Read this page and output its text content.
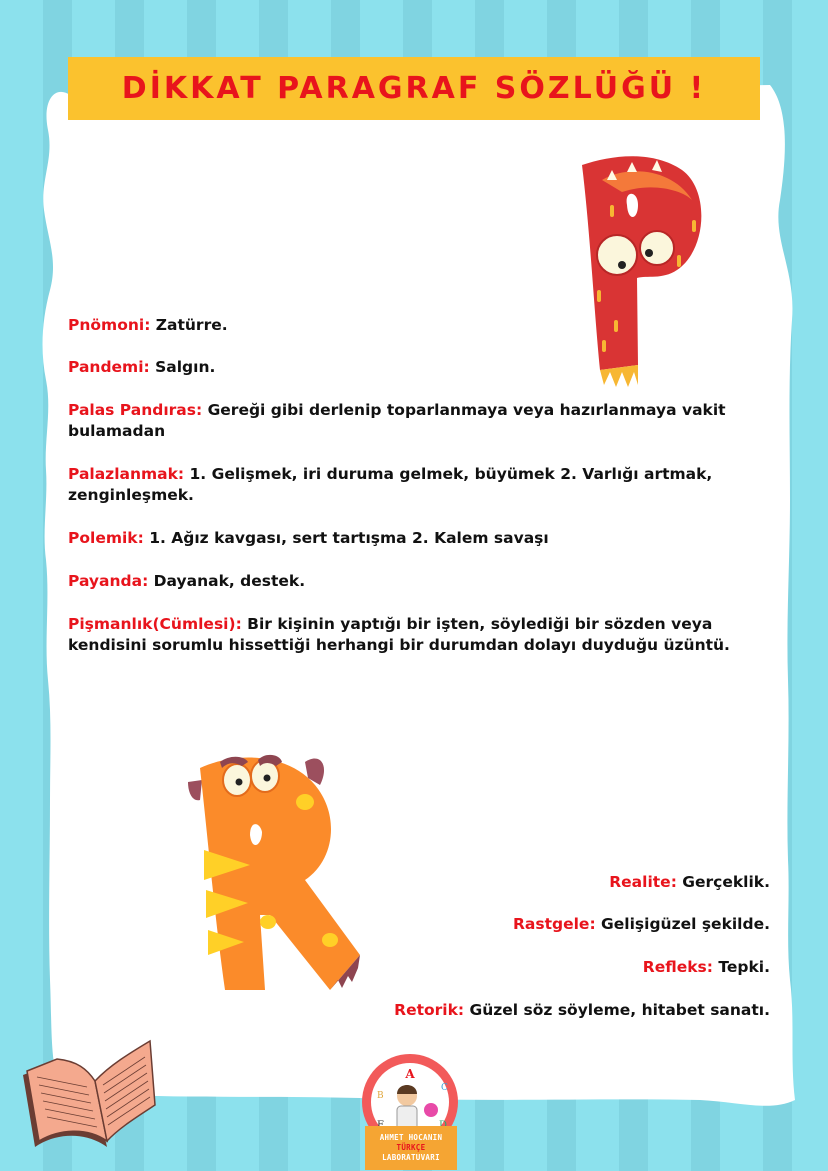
DİKKAT PARAGRAF SÖZLÜĞÜ !
Pnömoni: Zatürre.
Pandemi: Salgın.
Palas Pandıras: Gereği gibi derlenip toparlanmaya veya hazırlanmaya vakit bulamadan
Palazlanmak: 1. Gelişmek, iri duruma gelmek, büyümek 2. Varlığı artmak, zenginleşmek.
Polemik: 1. Ağız kavgası, sert tartışma 2. Kalem savaşı
Payanda: Dayanak, destek.
Pişmanlık(Cümlesi): Bir kişinin yaptığı bir işten, söylediği bir sözden veya kendisini sorumlu hissettiği herhangi bir durumdan dolayı duyduğu üzüntü.
Realite: Gerçeklik.
Rastgele: Gelişigüzel şekilde.
Refleks: Tepki.
Retorik: Güzel söz söyleme, hitabet sanatı.
A
B
C
AHMET HOCANIN
TÜRKÇE
LABORATUVARI
